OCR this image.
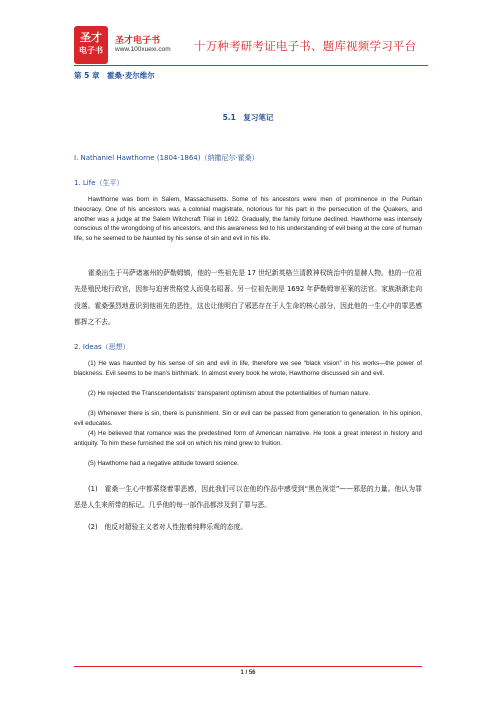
圣才
电子书
圣才电子书
www.100xuexi.com 十万种考研考证电子书、题库视频学习平台
第 5 章　霍桑·麦尔维尔
5.1　复习笔记
I. Nathaniel Hawthorne (1804-1864)（纳撒尼尔·霍桑）
1. Life（生平）
Hawthorne was born in Salem, Massachusetts. Some of his ancestors were men of prominence in the Puritan theocracy. One of his ancestors was a colonial magistrate, notorious for his part in the persecution of the Quakers, and another was a judge at the Salem Witchcraft Trial in 1692. Gradually, the family fortune declined. Hawthorne was intensely conscious of the wrongdoing of his ancestors, and this awareness led to his understanding of evil being at the core of human life, so he seemed to be haunted by his sense of sin and evil in his life.
霍桑出生于马萨诸塞州的萨勒姆镇，他的一些祖先是 17 世纪新英格兰清教神权统治中的显赫人物。他的一位祖先是殖民地行政官，因参与迫害贵格党人而臭名昭著。另一位祖先则是 1692 年萨勒姆审巫案的法官。家族渐渐走向没落。霍桑强烈地意识到他祖先的恶性，这也让他明白了邪恶存在于人生命的核心部分，因此他的一生心中的罪恶感都挥之不去。
2. Ideas（思想）
(1) He was haunted by his sense of sin and evil in life, therefore we see “black vision” in his works—the power of blackness. Evil seems to be man’s birthmark. In almost every book he wrote, Hawthorne discussed sin and evil.
(2) He rejected the Transcendentalists’ transparent optimism about the potentialities of human nature.
(3) Whenever there is sin, there is punishment. Sin or evil can be passed from generation to generation. In his opinion, evil educates.
(4) He believed that romance was the predestined form of American narrative. He took a great interest in history and antiquity. To him these furnished the soil on which his mind grew to fruition.
(5) Hawthorne had a negative attitude toward science.
(1)　霍桑一生心中都萦绕着罪恶感，因此我们可以在他的作品中感受到“黑色视觉”——邪恶的力量。他认为罪恶是人生来所带的标记。几乎他的每一部作品都涉及到了罪与恶。
(2)　他反对超验主义者对人性抱着纯粹乐观的态度。
1 / 56
